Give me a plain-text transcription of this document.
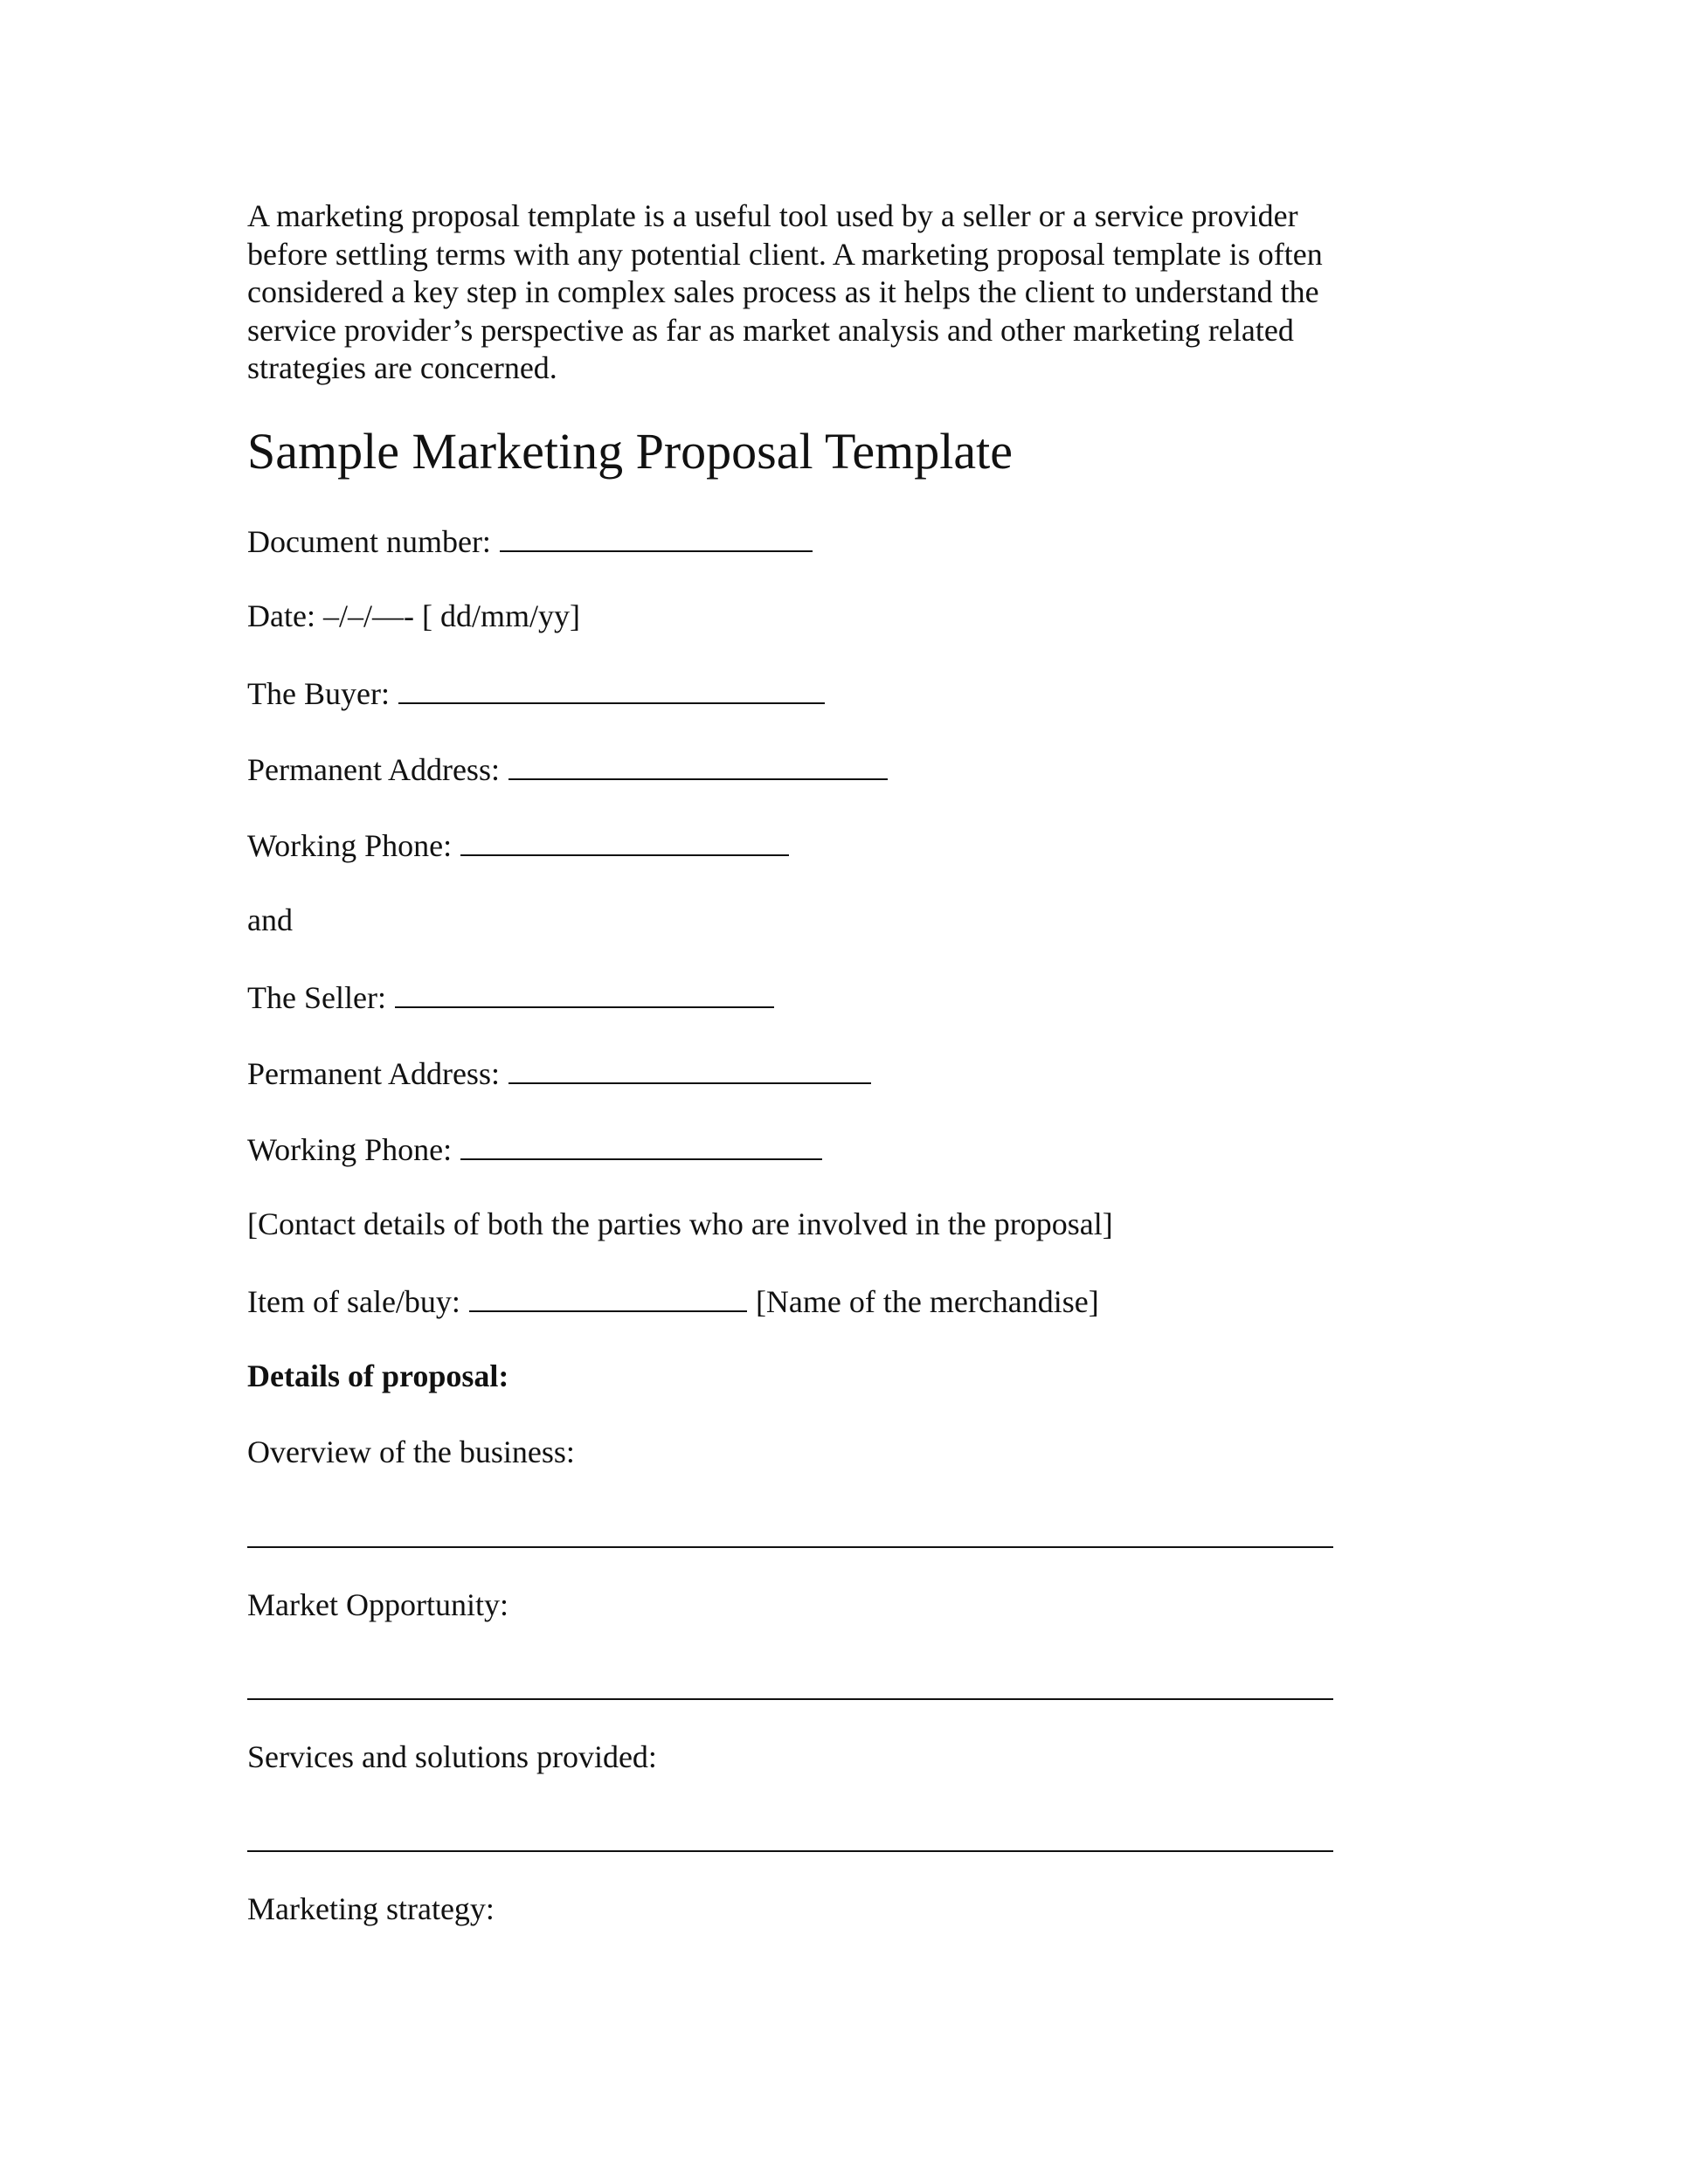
A marketing proposal template is a useful tool used by a seller or a service provider
before settling terms with any potential client. A marketing proposal template is often
considered a key step in complex sales process as it helps the client to understand the
service provider’s perspective as far as market analysis and other marketing related
strategies are concerned.

Sample Marketing Proposal Template
Document number:
Date: –/–/—- [ dd/mm/yy]
The Buyer:
Permanent Address:
Working Phone:
and
The Seller:
Permanent Address:
Working Phone:
[Contact details of both the parties who are involved in the proposal]
Item of sale/buy:	[Name of the merchandise]
Details of proposal:
Overview of the business:
Market Opportunity:
Services and solutions provided:
Marketing strategy:
